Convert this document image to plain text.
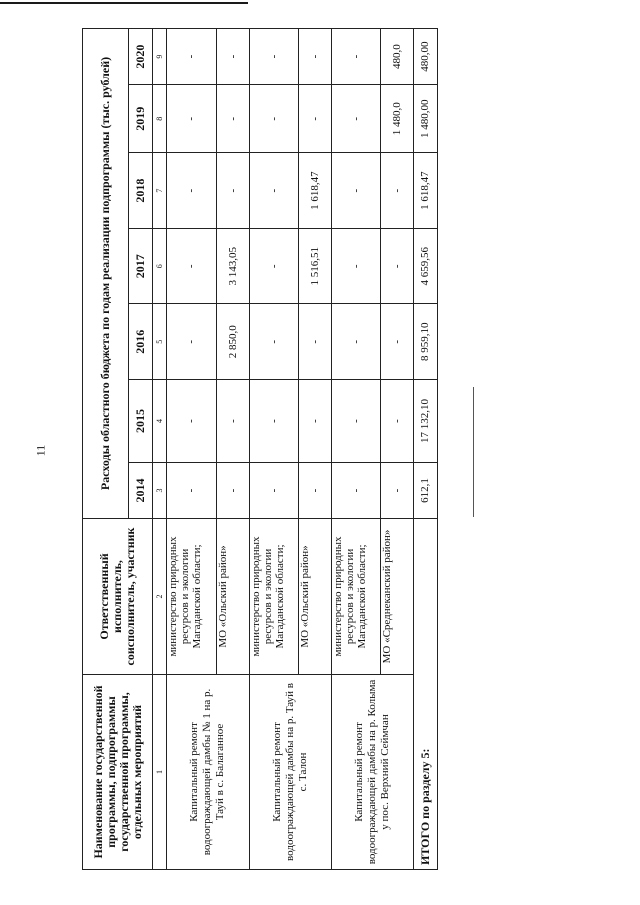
11
Наименование государственной программы, подпрограммы государственной программы, отдельных мероприятий	Ответственный исполнитель, соисполнитель, участник	Расходы областного бюджета по годам реализации подпрограммы (тыс. рублей)						
		2014	2015	2016	2017	2018	2019	2020
1	2	3	4	5	6	7	8	9
Капитальный ремонт водоограждающей дамбы № 1 на р. Тауй в с. Балаганное	министерство природных ресурсов и экологии Магаданской области;	-	-	-	-	-	-	-
	МО «Ольский район»	-	-	2 850,0	3 143,05	-	-	-
Капитальный ремонт водоограждающей дамбы на р. Тауй в с. Талон	министерство природных ресурсов и экологии Магаданской области;	-	-	-	-	-	-	-
	МО «Ольский район»	-	-	-	1 516,51	1 618,47	-	-
Капитальный ремонт водоограждающей дамбы на р. Колыма у пос. Верхний Сеймчан	министерство природных ресурсов и экологии Магаданской области;	-	-	-	-	-	-	-
	МО «Среднеканский район»	-	-	-	-	-	1 480,0	480,0
ИТОГО по разделу 5:		612,1	17 132,10	8 959,10	4 659,56	1 618,47	1 480,00	480,00
